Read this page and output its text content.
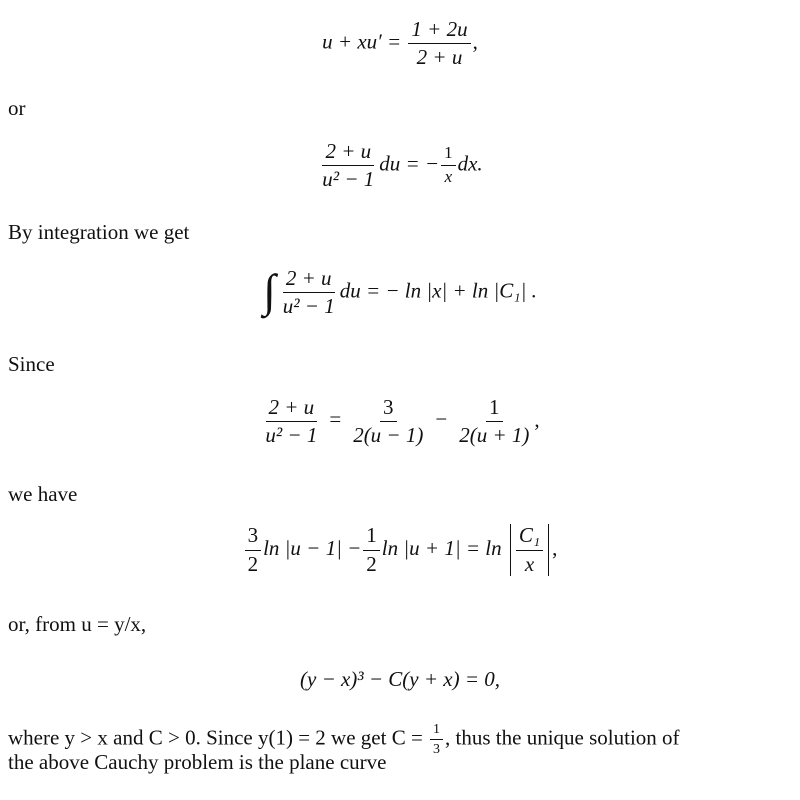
$u + xu' = \frac{1 + 2u}{2 + u}$ ,
or
$\frac{2 + u}{\text{u² − 1}}$ du = − $\frac{1}{x}$ dx.
By integration we get
∫ $\frac{2 + u}{\text{u² − 1}}$ du = − ln |x| + ln |C₁| .
Since
$\frac{2 + u}{\text{u² − 1}} = \frac{3}{2(u - 1)} - \frac{1}{2(u + 1)}$ ,
we have
$\frac{3}{2}$ $\ln |u - 1| - \frac{1}{2}$ $\ln |u + 1| = \ln \frac{\text{C₁}}{x}$ ,
or, from u = y/x,
(y − x)³ − C(y + x) = 0,
where y > x and C > 0. Since y(1) = 2 we get $C = \frac{1}{3}$ , thus the unique solution of
the above Cauchy problem is the plane curve
